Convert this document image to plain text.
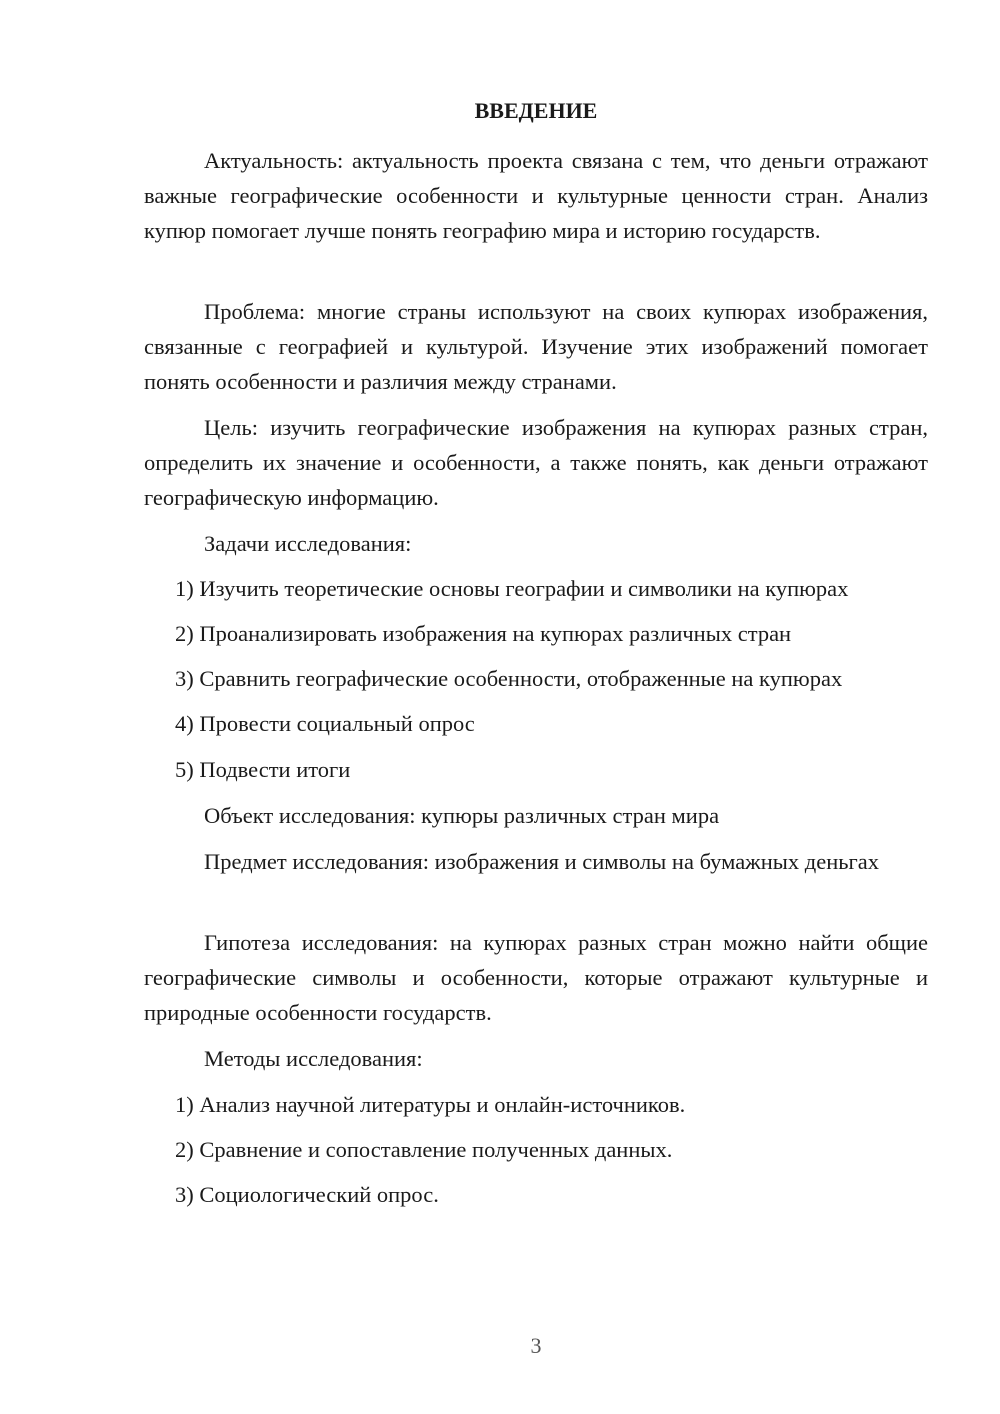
ВВЕДЕНИЕ

Актуальность: актуальность проекта связана с тем, что деньги отражают важные географические особенности и культурные ценности стран. Анализ купюр помогает лучше понять географию мира и историю государств.

Проблема: многие страны используют на своих купюрах изображения, связанные с географией и культурой. Изучение этих изображений помогает понять особенности и различия между странами.

Цель: изучить географические изображения на купюрах разных стран, определить их значение и особенности, а также понять, как деньги отражают географическую информацию.

Задачи исследования:

1) Изучить теоретические основы географии и символики на купюрах

2) Проанализировать изображения на купюрах различных стран

3) Сравнить географические особенности, отображенные на купюрах

4) Провести социальный опрос

5) Подвести итоги

Объект исследования: купюры различных стран мира

Предмет исследования: изображения и символы на бумажных деньгах

Гипотеза исследования: на купюрах разных стран можно найти общие географические символы и особенности, которые отражают культурные и природные особенности государств.

Методы исследования:

1) Анализ научной литературы и онлайн-источников.

2) Сравнение и сопоставление полученных данных.

3) Социологический опрос.

3
